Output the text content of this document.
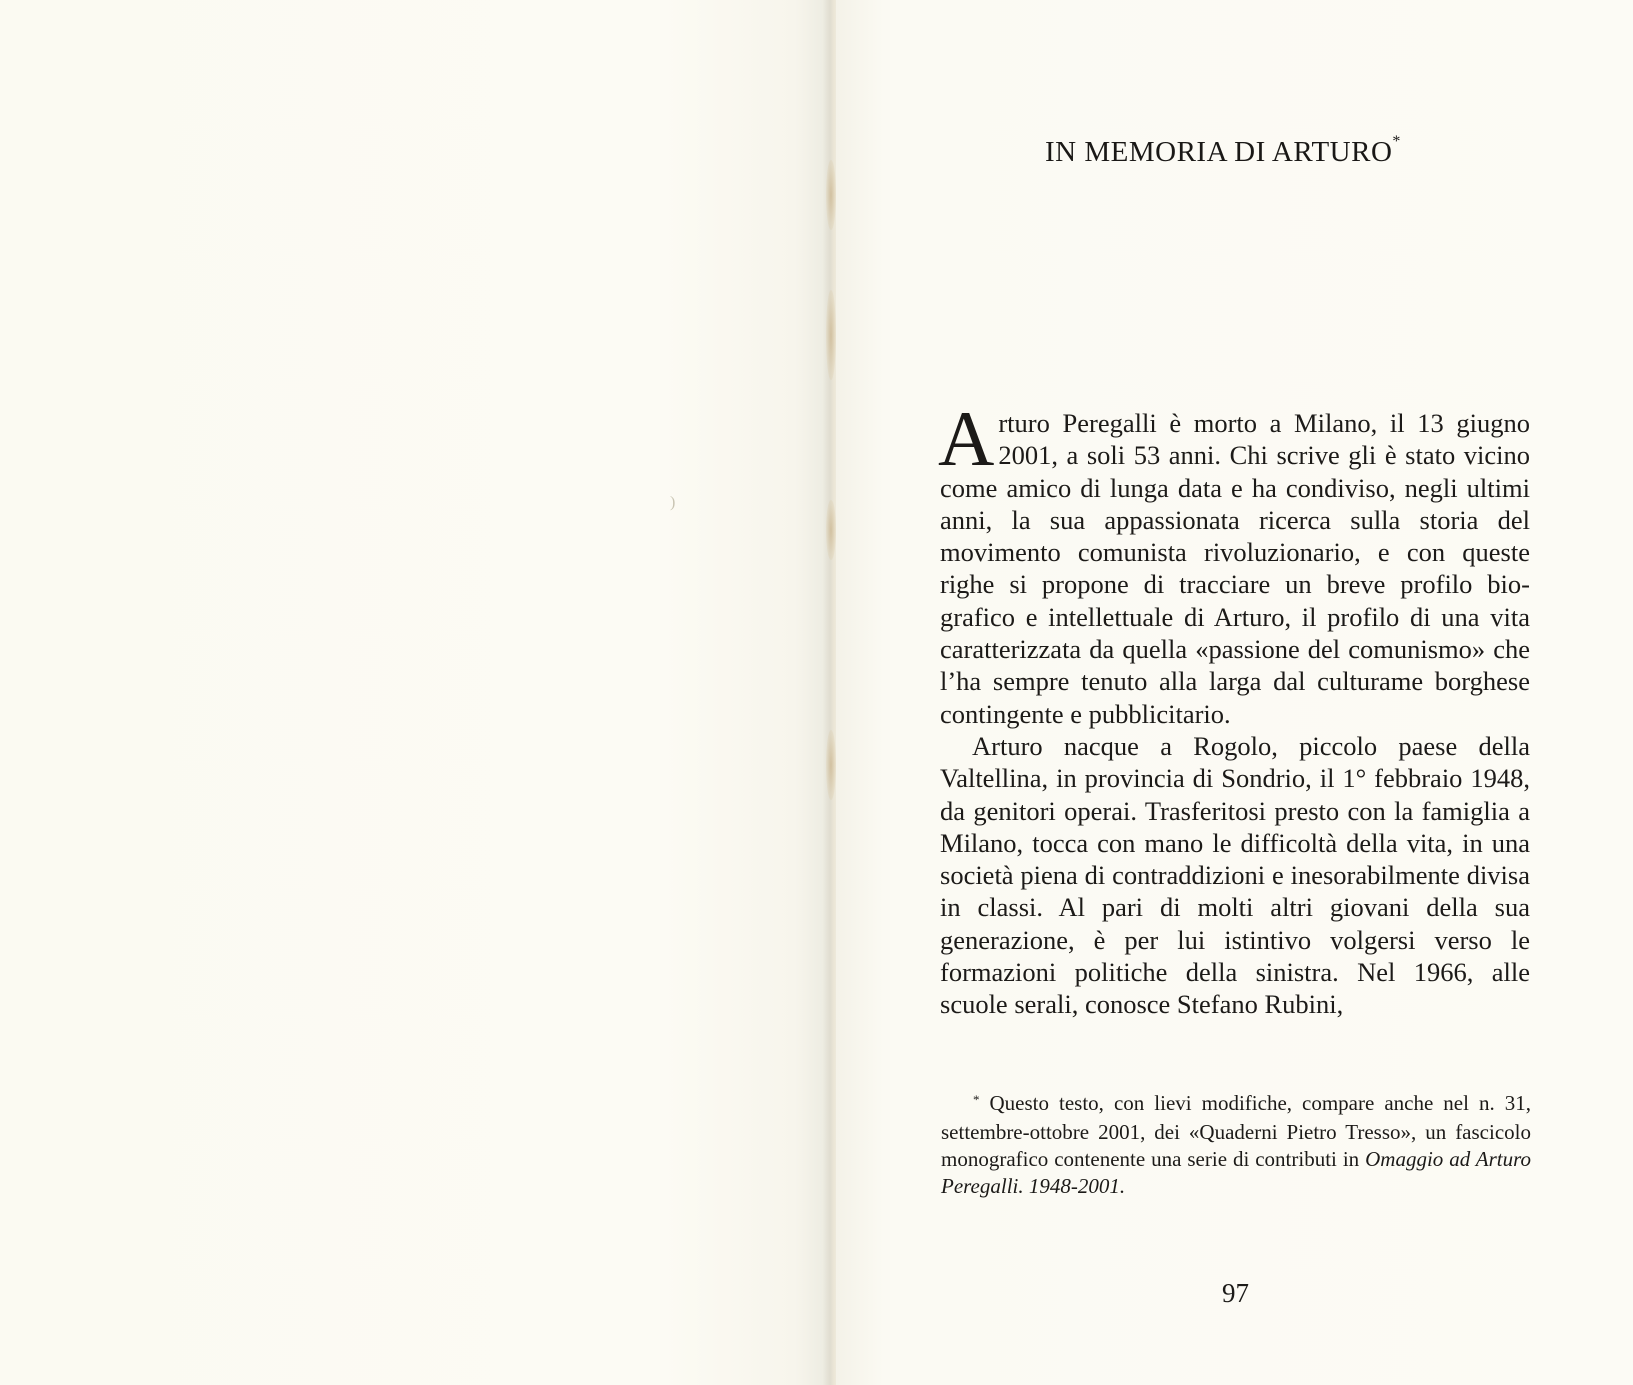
)
IN MEMORIA DI ARTURO*

Arturo Peregalli è morto a Milano, il 13 giugno 2001, a soli 53 anni. Chi scrive gli è stato vicino come amico di lunga data e ha condiviso, negli ultimi anni, la sua appassionata ricerca sulla storia del movimento comunista rivoluzionario, e con queste righe si propone di tracciare un breve profilo biografico e intellettuale di Arturo, il profilo di una vita caratterizzata da quella «passione del comunismo» che l’ha sempre tenuto alla larga dal culturame borghese contingente e pubblicitario.

Arturo nacque a Rogolo, piccolo paese della Valtellina, in provincia di Sondrio, il 1° febbraio 1948, da genitori operai. Trasferitosi presto con la famiglia a Milano, tocca con mano le difficoltà della vita, in una società piena di contraddizioni e inesorabilmente divisa in classi. Al pari di molti altri giovani della sua generazione, è per lui istintivo volgersi verso le formazioni politiche della sinistra. Nel 1966, alle scuole serali, conosce Stefano Rubini,

* Questo testo, con lievi modifiche, compare anche nel n. 31, settembre-ottobre 2001, dei «Quaderni Pietro Tresso», un fascicolo monografico contenente una serie di contributi in Omaggio ad Arturo Peregalli. 1948-2001.

97
